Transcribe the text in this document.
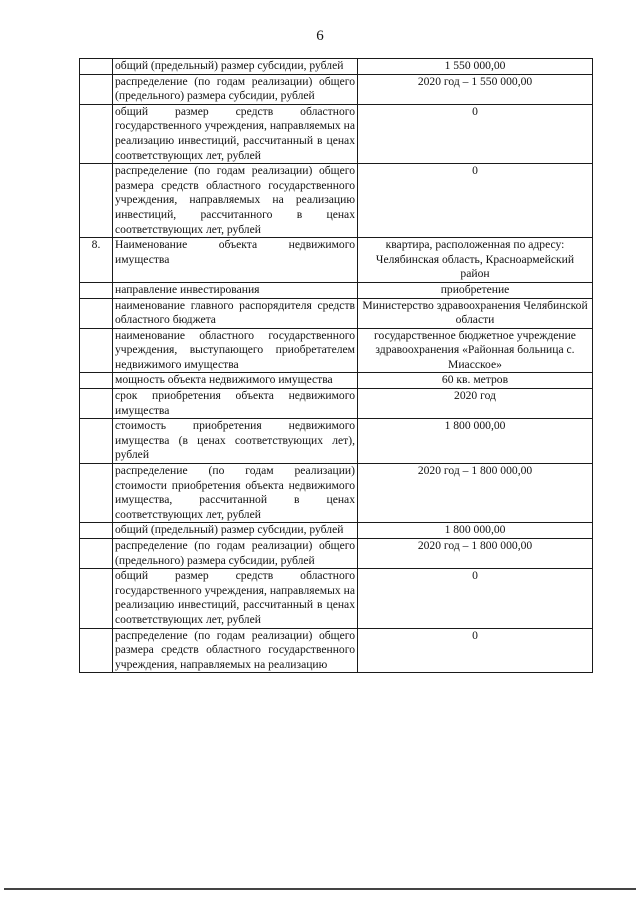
6
	общий (предельный) размер субсидии, рублей	1 550 000,00
	распределение (по годам реализации) общего (предельного) размера субсидии, рублей	2020 год – 1 550 000,00
	общий размер средств областного государственного учреждения, направляемых на реализацию инвестиций, рассчитанный в ценах соответствующих лет, рублей	0
	распределение (по годам реализации) общего размера средств областного государственного учреждения, направляемых на реализацию инвестиций, рассчитанного в ценах соответствующих лет, рублей	0
8.	Наименование объекта недвижимого имущества	квартира, расположенная по адресу: Челябинская область, Красноармейский район
	направление инвестирования	приобретение
	наименование главного распорядителя средств областного бюджета	Министерство здравоохранения Челябинской области
	наименование областного государственного учреждения, выступающего приобретателем недвижимого имущества	государственное бюджетное учреждение здравоохранения «Районная больница с. Миасское»
	мощность объекта недвижимого имущества	60 кв. метров
	срок приобретения объекта недвижимого имущества	2020 год
	стоимость приобретения недвижимого имущества (в ценах соответствующих лет), рублей	1 800 000,00
	распределение (по годам реализации) стоимости приобретения объекта недвижимого имущества, рассчитанной в ценах соответствующих лет, рублей	2020 год – 1 800 000,00
	общий (предельный) размер субсидии, рублей	1 800 000,00
	распределение (по годам реализации) общего (предельного) размера субсидии, рублей	2020 год – 1 800 000,00
	общий размер средств областного государственного учреждения, направляемых на реализацию инвестиций, рассчитанный в ценах соответствующих лет, рублей	0
	распределение (по годам реализации) общего размера средств областного государственного учреждения, направляемых на реализацию	0
